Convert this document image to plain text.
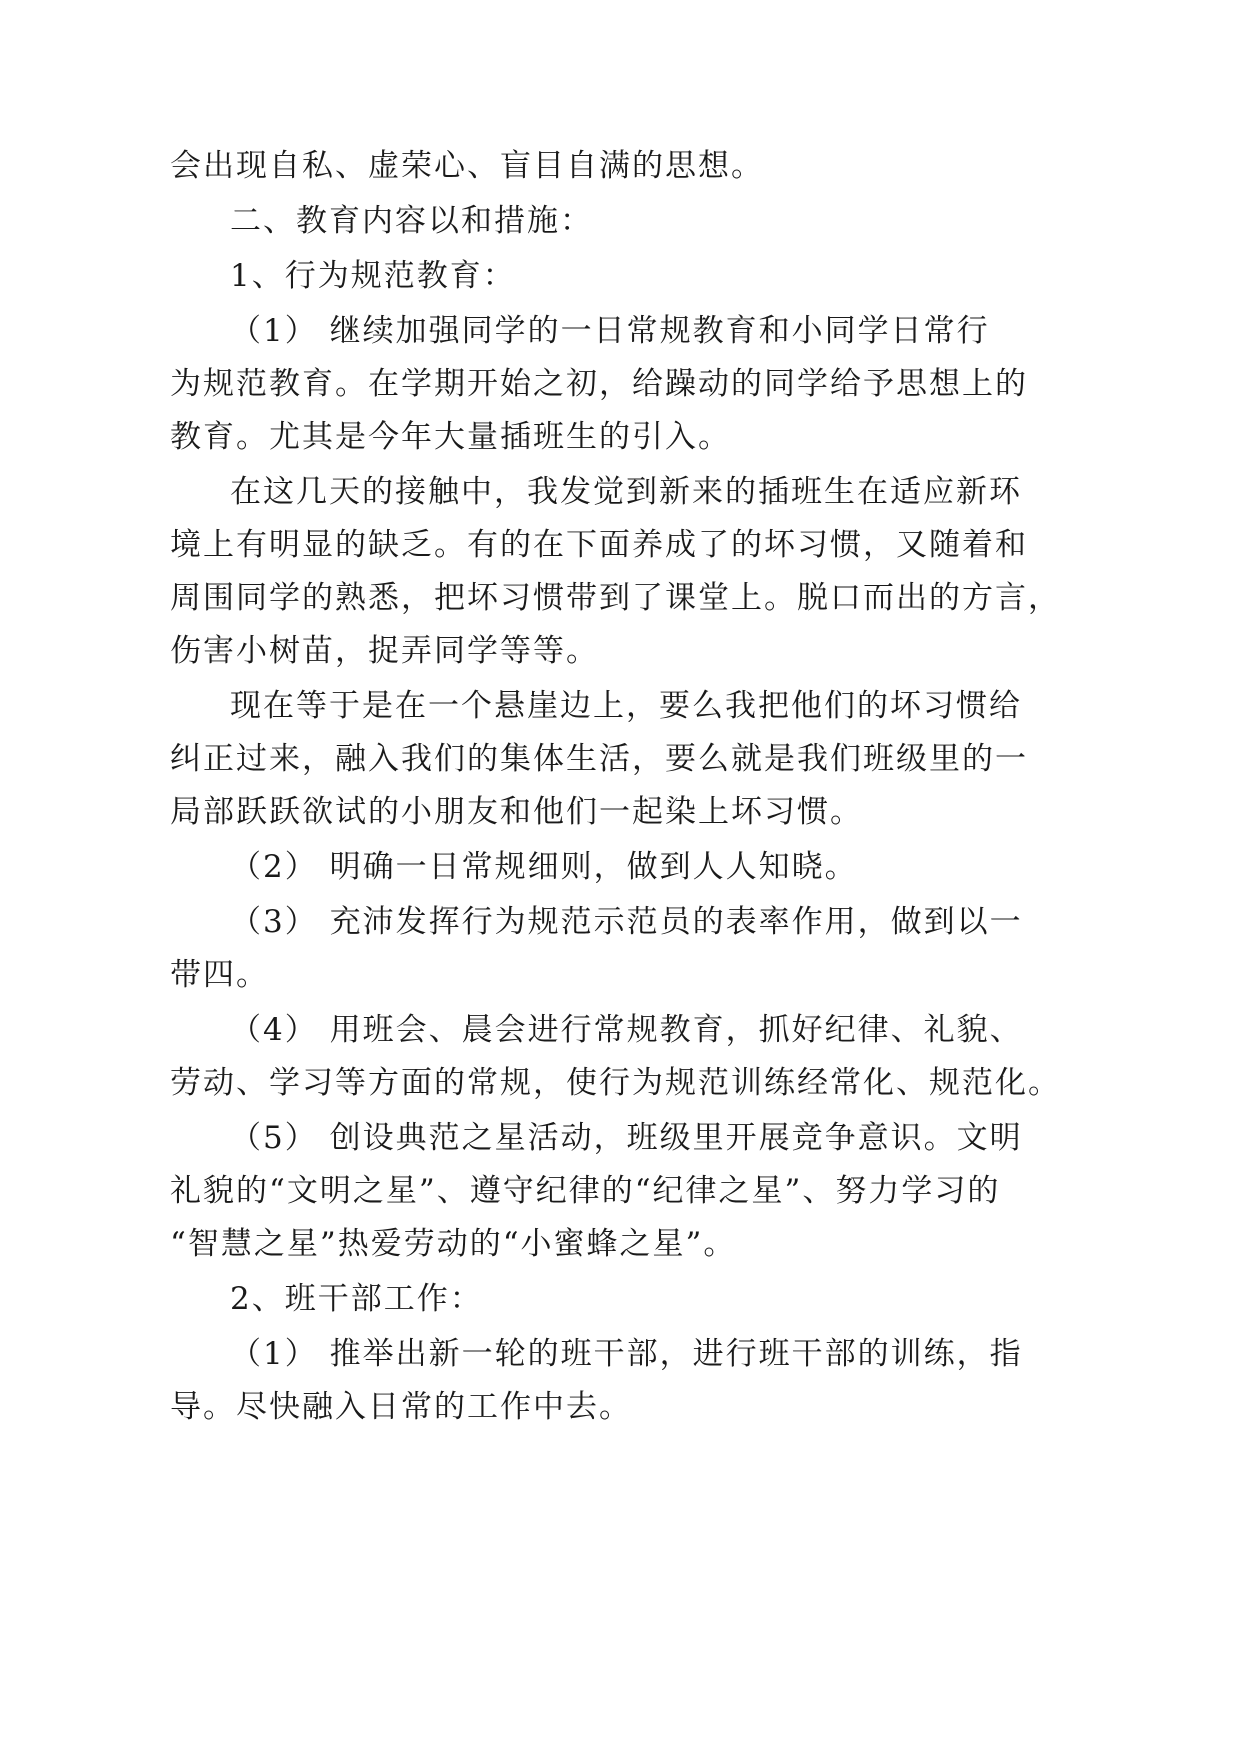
会出现自私、虚荣心、盲目自满的思想。
二、教育内容以和措施：
1、行为规范教育：
（1） 继续加强同学的一日常规教育和小同学日常行
为规范教育。在学期开始之初，给躁动的同学给予思想上的
教育。尤其是今年大量插班生的引入。
在这几天的接触中，我发觉到新来的插班生在适应新环
境上有明显的缺乏。有的在下面养成了的坏习惯，又随着和
周围同学的熟悉，把坏习惯带到了课堂上。脱口而出的方言，
伤害小树苗，捉弄同学等等。
现在等于是在一个悬崖边上，要么我把他们的坏习惯给
纠正过来，融入我们的集体生活，要么就是我们班级里的一
局部跃跃欲试的小朋友和他们一起染上坏习惯。
（2） 明确一日常规细则，做到人人知晓。
（3） 充沛发挥行为规范示范员的表率作用，做到以一
带四。
（4） 用班会、晨会进行常规教育，抓好纪律、礼貌、
劳动、学习等方面的常规，使行为规范训练经常化、规范化。
（5） 创设典范之星活动，班级里开展竞争意识。文明
礼貌的“文明之星”、遵守纪律的“纪律之星”、努力学习的
“智慧之星”热爱劳动的“小蜜蜂之星”。
2、班干部工作：
（1） 推举出新一轮的班干部，进行班干部的训练，指
导。尽快融入日常的工作中去。
